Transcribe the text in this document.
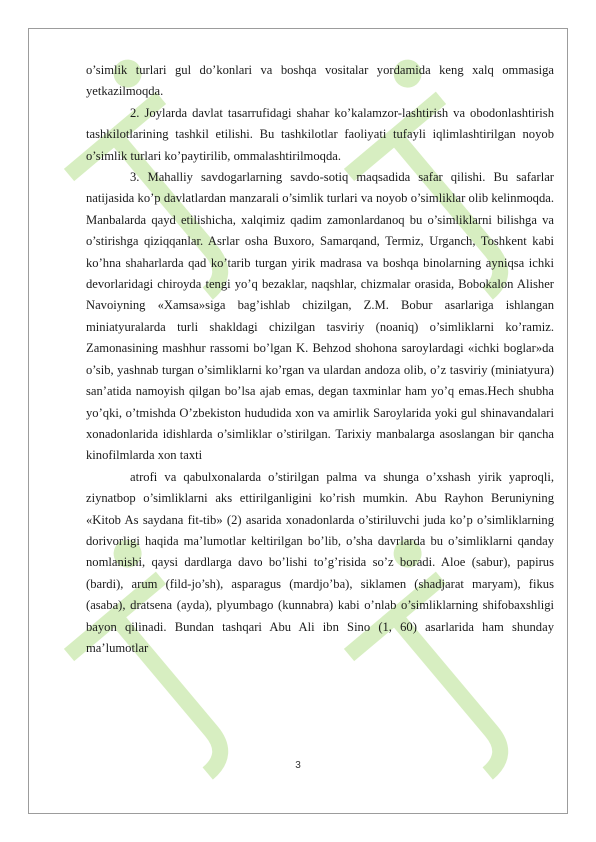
o’simlik turlari gul do’konlari va boshqa vositalar yordamida keng xalq ommasiga yetkazilmoqda.

2. Joylarda davlat tasarrufidagi shahar ko’kalamzor-lashtirish va obodonlashtirish tashkilotlarining tashkil etilishi. Bu tashkilotlar faoliyati tufayli iqlimlashtirilgan noyob o’simlik turlari ko’paytirilib, ommalashtirilmoqda.

3. Mahalliy savdogarlarning savdo-sotiq maqsadida safar qilishi. Bu safarlar natijasida ko’p davlatlardan manzarali o’simlik turlari va noyob o’simliklar olib kelinmoqda. Manbalarda qayd etilishicha, xalqimiz qadim zamonlardanoq bu o’simliklarni bilishga va o’stirishga qiziqqanlar. Asrlar osha Buxoro, Samarqand, Termiz, Urganch, Toshkent kabi ko’hna shaharlarda qad ko’tarib turgan yirik madrasa va boshqa binolarning ayniqsa ichki devorlaridagi chiroyda tengi yo’q bezaklar, naqshlar, chizmalar orasida, Bobokalon Alisher Navoiyning «Xamsa»siga bag’ishlab chizilgan, Z.M. Bobur asarlariga ishlangan miniatyuralarda turli shakldagi chizilgan tasviriy (noaniq) o’simliklarni ko’ramiz. Zamonasining mashhur rassomi bo’lgan K. Behzod shohona saroylardagi «ichki boglar»da o’sib, yashnab turgan o’simliklarni ko’rgan va ulardan andoza olib, o’z tasviriy (miniatyura) san’atida namoyish qilgan bo’lsa ajab emas, degan taxminlar ham yo’q emas.Hech shubha yo’qki, o’tmishda O’zbekiston hududida xon va amirlik Saroylarida yoki gul shinavandalari xonadonlarida idishlarda o’simliklar o’stirilgan. Tarixiy manbalarga asoslangan bir qancha kinofilmlarda xon taxti

atrofi va qabulxonalarda o’stirilgan palma va shunga o’xshash yirik yaproqli, ziynatbop o’simliklarni aks ettirilganligini ko’rish mumkin. Abu Rayhon Beruniyning «Kitob As saydana fit-tib» (2) asarida xonadonlarda o’stiriluvchi juda ko’p o’simliklarning dorivorligi haqida ma’lumotlar keltirilgan bo’lib, o’sha davrlarda bu o’simliklarni qanday nomlanishi, qaysi dardlarga davo bo’lishi to’g’risida so’z boradi. Aloe (sabur), papirus (bardi), arum (fild-jo’sh), asparagus (mardjo’ba), siklamen (shadjarat maryam), fikus (asaba), dratsena (ayda), plyumbago (kunnabra) kabi o’nlab o’simliklarning shifobaxshligi bayon qilinadi. Bundan tashqari Abu Ali ibn Sino (1, 60) asarlarida ham shunday ma’lumotlar

3
